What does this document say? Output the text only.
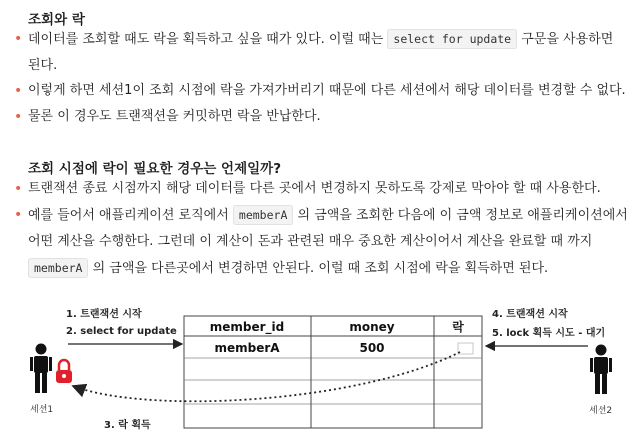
조회와 락
• 데이터를 조회할 때도 락을 획득하고 싶을 때가 있다. 이럴 때는 select for update 구문을 사용하면 된다.
• 이렇게 하면 세션1이 조회 시점에 락을 가져가버리기 때문에 다른 세션에서 해당 데이터를 변경할 수 없다.
• 물론 이 경우도 트랜잭션을 커밋하면 락을 반납한다.
조회 시점에 락이 필요한 경우는 언제일까?
• 트랜잭션 종료 시점까지 해당 데이터를 다른 곳에서 변경하지 못하도록 강제로 막아야 할 때 사용한다.
• 예를 들어서 애플리케이션 로직에서 memberA 의 금액을 조회한 다음에 이 금액 정보로 애플리케이션에서 어떤 계산을 수행한다. 그런데 이 계산이 돈과 관련된 매우 중요한 계산이어서 계산을 완료할 때 까지 memberA 의 금액을 다른곳에서 변경하면 안된다. 이럴 때 조회 시점에 락을 획득하면 된다.
세션1	세션2
1. 트랜잭션 시작
2. select for update
4. 트랜잭션 시작
5. lock 획득 시도 - 대기
3. 락 획득
member_id	money	락
memberA	500
